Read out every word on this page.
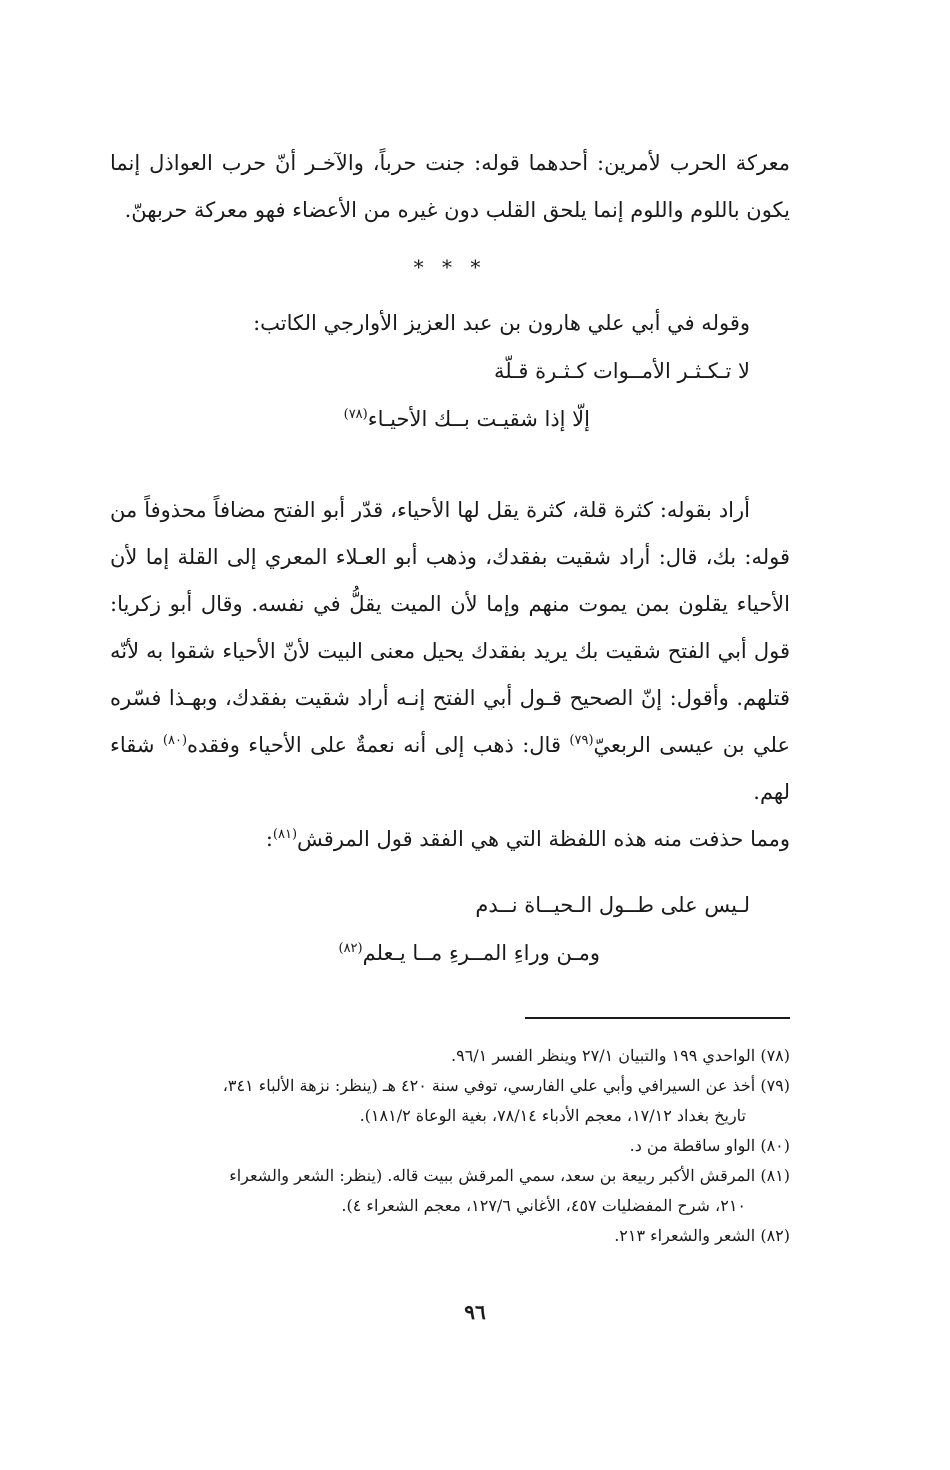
معركة الحرب لأمرين: أحدهما قوله: جنت حرباً، والآخـر أنّ حرب العواذل إنما يكون باللوم واللوم إنما يلحق القلب دون غيره من الأعضاء فهو معركة حربهنّ.

* * *

وقوله في أبي علي هارون بن عبد العزيز الأوارجي الكاتب:

لا تـكـثـر الأمــوات كـثـرة قـلّة

إلّا إذا شقيـت بــك الأحيـاء$^{(٧٨)}$

أراد بقوله: كثرة قلة، كثرة يقل لها الأحياء، قدّر أبو الفتح مضافاً محذوفاً من قوله: بك، قال: أراد شقيت بفقدك، وذهب أبو العـلاء المعري إلى القلة إما لأن الأحياء يقلون بمن يموت منهم وإما لأن الميت يقلُّ في نفسه. وقال أبو زكريا: قول أبي الفتح شقيت بك يريد بفقدك يحيل معنى البيت لأنّ الأحياء شقوا به لأنّه قتلهم. وأقول: إنّ الصحيح قـول أبي الفتح إنـه أراد شقيت بفقدك، وبهـذا فسّره علي بن عيسى الربعيّ$^{(٧٩)}$ قال: ذهب إلى أنه نعمةٌ على الأحياء وفقده$^{(٨٠)}$ شقاء لهم.

ومما حذفت منه هذه اللفظة التي هي الفقد قول المرقش$^{(٨١)}$:

لـيس على طــول الـحيــاة نــدم

ومـن وراءِ المــرءِ مــا يـعلم$^{(٨٢)}$

(٧٨) الواحدي ١٩٩ والتبيان ٢٧/١ وينظر الفسر ٩٦/١.

(٧٩) أخذ عن السيرافي وأبي علي الفارسي، توفي سنة ٤٢٠ هـ (ينظر: نزهة الألباء ٣٤١،
تاريخ بغداد ١٧/١٢، معجم الأدباء ٧٨/١٤، بغية الوعاة ١٨١/٢).

(٨٠) الواو ساقطة من د.

(٨١) المرقش الأكبر ربيعة بن سعد، سمي المرقش ببيت قاله. (ينظر: الشعر والشعراء
٢١٠، شرح المفضليات ٤٥٧، الأغاني ١٢٧/٦، معجم الشعراء ٤).

(٨٢) الشعر والشعراء ٢١٣.

٩٦
